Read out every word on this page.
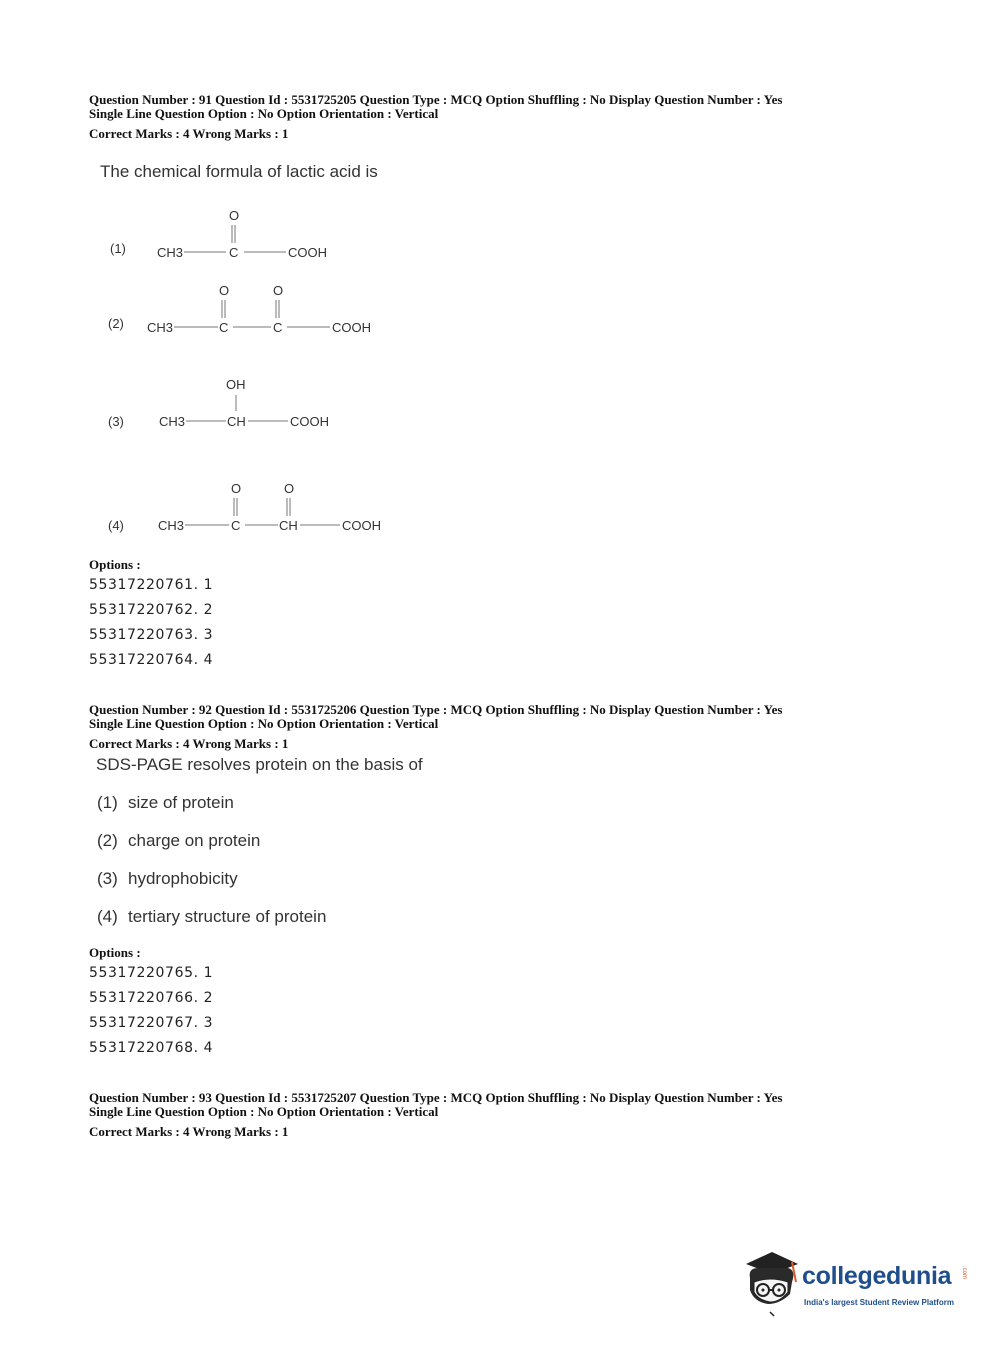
Question Number : 91 Question Id : 5531725205 Question Type : MCQ Option Shuffling : No Display Question Number : Yes
Single Line Question Option : No Option Orientation : Vertical
Correct Marks : 4 Wrong Marks : 1
The chemical formula of lactic acid is
(1) CH3	C
O
COOH
(2) CH3	C
O
C
O
COOH
(3)	CH3	CH
OH
COOH
(4)	CH3	C
O
CH
O
COOH
Options :
55317220761. 1
55317220762. 2
55317220763. 3
55317220764. 4
Question Number : 92 Question Id : 5531725206 Question Type : MCQ Option Shuffling : No Display Question Number : Yes
Single Line Question Option : No Option Orientation : Vertical
Correct Marks : 4 Wrong Marks : 1
SDS-PAGE resolves protein on the basis of
(1) size of protein
(2) charge on protein
(3) hydrophobicity
(4) tertiary structure of protein
Options :
55317220765. 1
55317220766. 2
55317220767. 3
55317220768. 4
Question Number : 93 Question Id : 5531725207 Question Type : MCQ Option Shuffling : No Display Question Number : Yes
Single Line Question Option : No Option Orientation : Vertical
Correct Marks : 4 Wrong Marks : 1
collegedunia .com
India's largest Student Review Platform
